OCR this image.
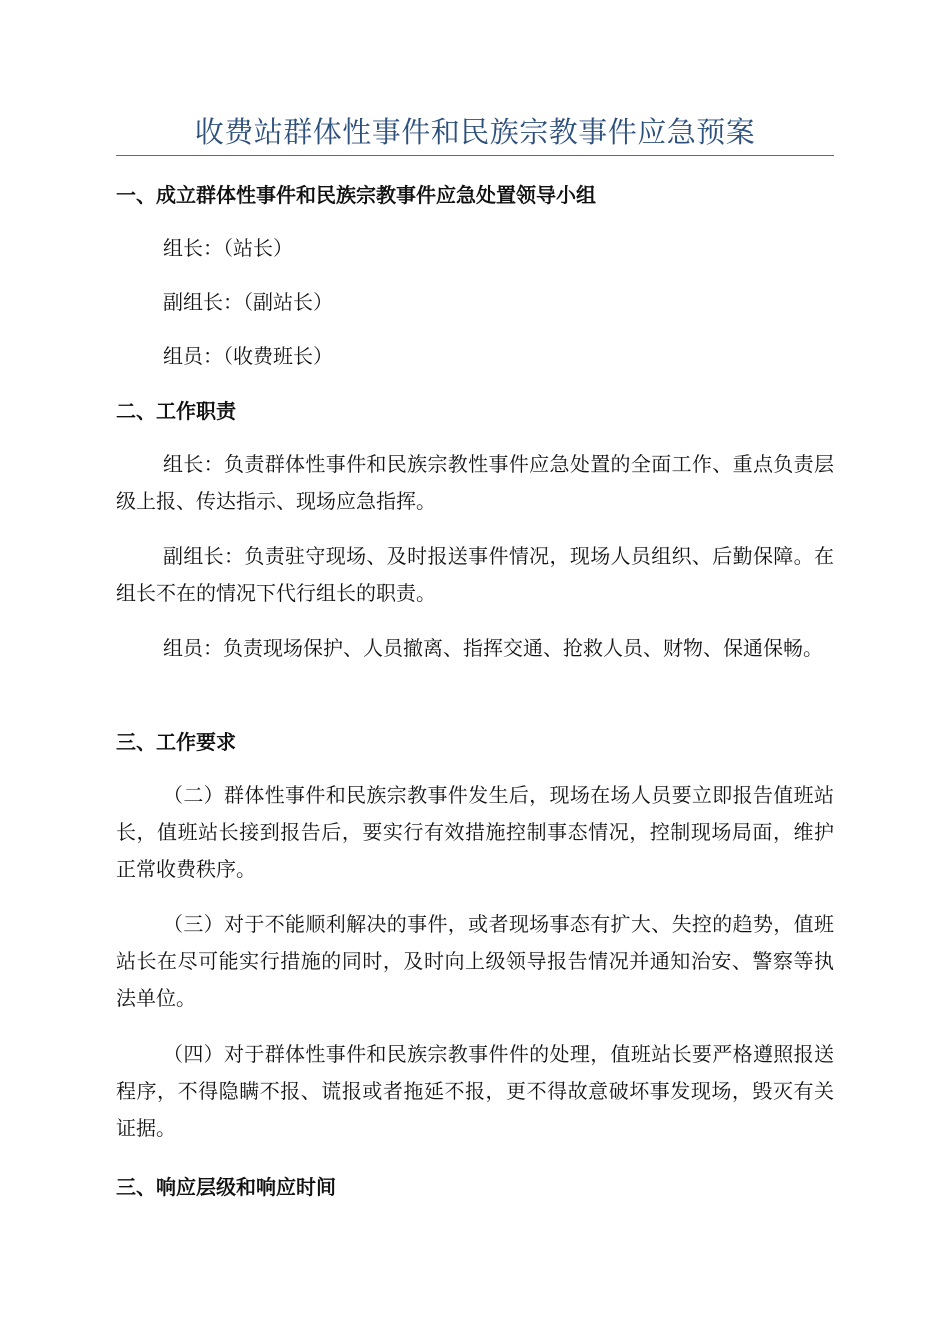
收费站群体性事件和民族宗教事件应急预案
一、成立群体性事件和民族宗教事件应急处置领导小组
组长：（站长）
副组长：（副站长）
组员：（收费班长）
二、工作职责
组长：负责群体性事件和民族宗教性事件应急处置的全面工作、重点负责层级上报、传达指示、现场应急指挥。
副组长：负责驻守现场、及时报送事件情况，现场人员组织、后勤保障。在组长不在的情况下代行组长的职责。
组员：负责现场保护、人员撤离、指挥交通、抢救人员、财物、保通保畅。
三、工作要求
（二）群体性事件和民族宗教事件发生后，现场在场人员要立即报告值班站长，值班站长接到报告后，要实行有效措施控制事态情况，控制现场局面，维护正常收费秩序。
（三）对于不能顺利解决的事件，或者现场事态有扩大、失控的趋势，值班站长在尽可能实行措施的同时，及时向上级领导报告情况并通知治安、警察等执法单位。
（四）对于群体性事件和民族宗教事件件的处理，值班站长要严格遵照报送程序，不得隐瞒不报、谎报或者拖延不报，更不得故意破坏事发现场，毁灭有关证据。
三、响应层级和响应时间
